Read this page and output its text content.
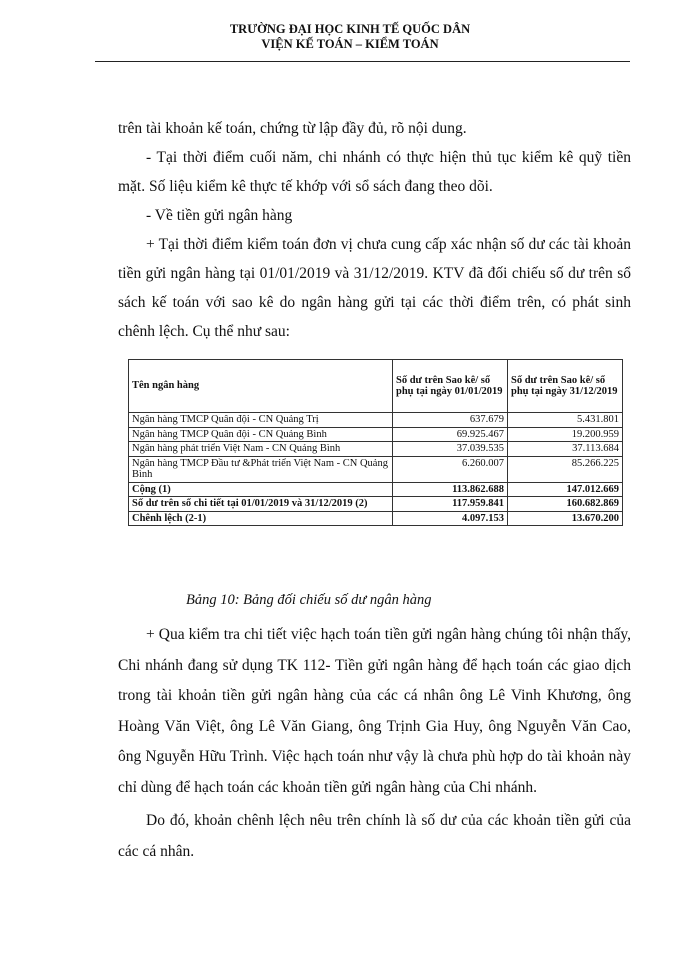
TRƯỜNG ĐẠI HỌC KINH TẾ QUỐC DÂN
VIỆN KẾ TOÁN – KIỂM TOÁN

trên tài khoản kế toán, chứng từ lập đầy đủ, rõ nội dung.

- Tại thời điểm cuối năm, chi nhánh có thực hiện thủ tục kiểm kê quỹ tiền mặt. Số liệu kiểm kê thực tế khớp với sổ sách đang theo dõi.

- Về tiền gửi ngân hàng

+ Tại thời điểm kiểm toán đơn vị chưa cung cấp xác nhận số dư các tài khoản tiền gửi ngân hàng tại 01/01/2019 và 31/12/2019. KTV đã đối chiếu số dư trên sổ sách kế toán với sao kê do ngân hàng gửi tại các thời điểm trên, có phát sinh chênh lệch. Cụ thể như sau:

Tên ngân hàng	Số dư trên Sao kê/ sổ phụ tại ngày 01/01/2019	Số dư trên Sao kê/ sổ phụ tại ngày 31/12/2019
Ngân hàng TMCP Quân đội - CN Quảng Trị	637.679	5.431.801
Ngân hàng TMCP Quân đội - CN Quảng Bình	69.925.467	19.200.959
Ngân hàng phát triển Việt Nam - CN Quảng Bình	37.039.535	37.113.684
Ngân hàng TMCP Đầu tư &Phát triển Việt Nam - CN Quảng Bình	6.260.007	85.266.225
Cộng (1)	113.862.688	147.012.669
Số dư trên sổ chi tiết tại 01/01/2019 và 31/12/2019 (2)	117.959.841	160.682.869
Chênh lệch (2-1)	4.097.153	13.670.200
Bảng 10: Bảng đối chiếu số dư ngân hàng

+ Qua kiểm tra chi tiết việc hạch toán tiền gửi ngân hàng chúng tôi nhận thấy, Chi nhánh đang sử dụng TK 112- Tiền gửi ngân hàng để hạch toán các giao dịch trong tài khoản tiền gửi ngân hàng của các cá nhân ông Lê Vinh Khương, ông Hoàng Văn Việt, ông Lê Văn Giang, ông Trịnh Gia Huy, ông Nguyễn Văn Cao, ông Nguyễn Hữu Trình. Việc hạch toán như vậy là chưa phù hợp do tài khoản này chỉ dùng để hạch toán các khoản tiền gửi ngân hàng của Chi nhánh.

Do đó, khoản chênh lệch nêu trên chính là số dư của các khoản tiền gửi của các cá nhân.
